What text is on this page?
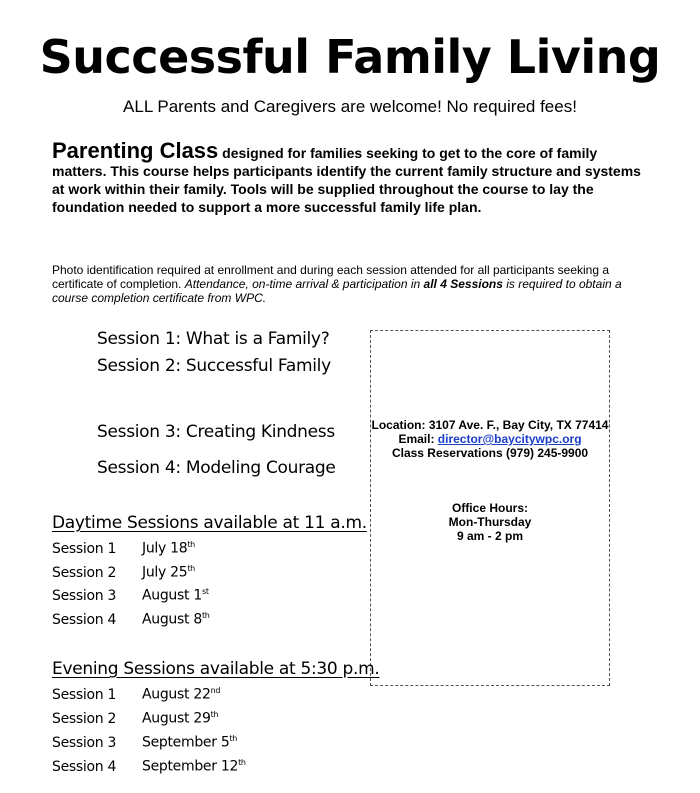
Successful Family Living
ALL Parents and Caregivers are welcome! No required fees!
Parenting Class designed for families seeking to get to the core of family matters. This course helps participants identify the current family structure and systems at work within their family. Tools will be supplied throughout the course to lay the foundation needed to support a more successful family life plan.
Photo identification required at enrollment and during each session attended for all participants seeking a certificate of completion. Attendance, on-time arrival & participation in all 4 Sessions is required to obtain a course completion certificate from WPC.
Session 1: What is a Family?
Session 2: Successful Family
Session 3: Creating Kindness
Session 4: Modeling Courage
Location: 3107 Ave. F., Bay City, TX 77414
Email: director@baycitywpc.org
Class Reservations (979) 245-9900
Office Hours:
Mon-Thursday
9 am - 2 pm
Daytime Sessions available at 11 a.m.
Session 1 July 18th
Session 2 July 25th
Session 3 August 1st
Session 4 August 8th
Evening Sessions available at 5:30 p.m.
Session 1 August 22nd
Session 2 August 29th
Session 3 September 5th
Session 4 September 12th
